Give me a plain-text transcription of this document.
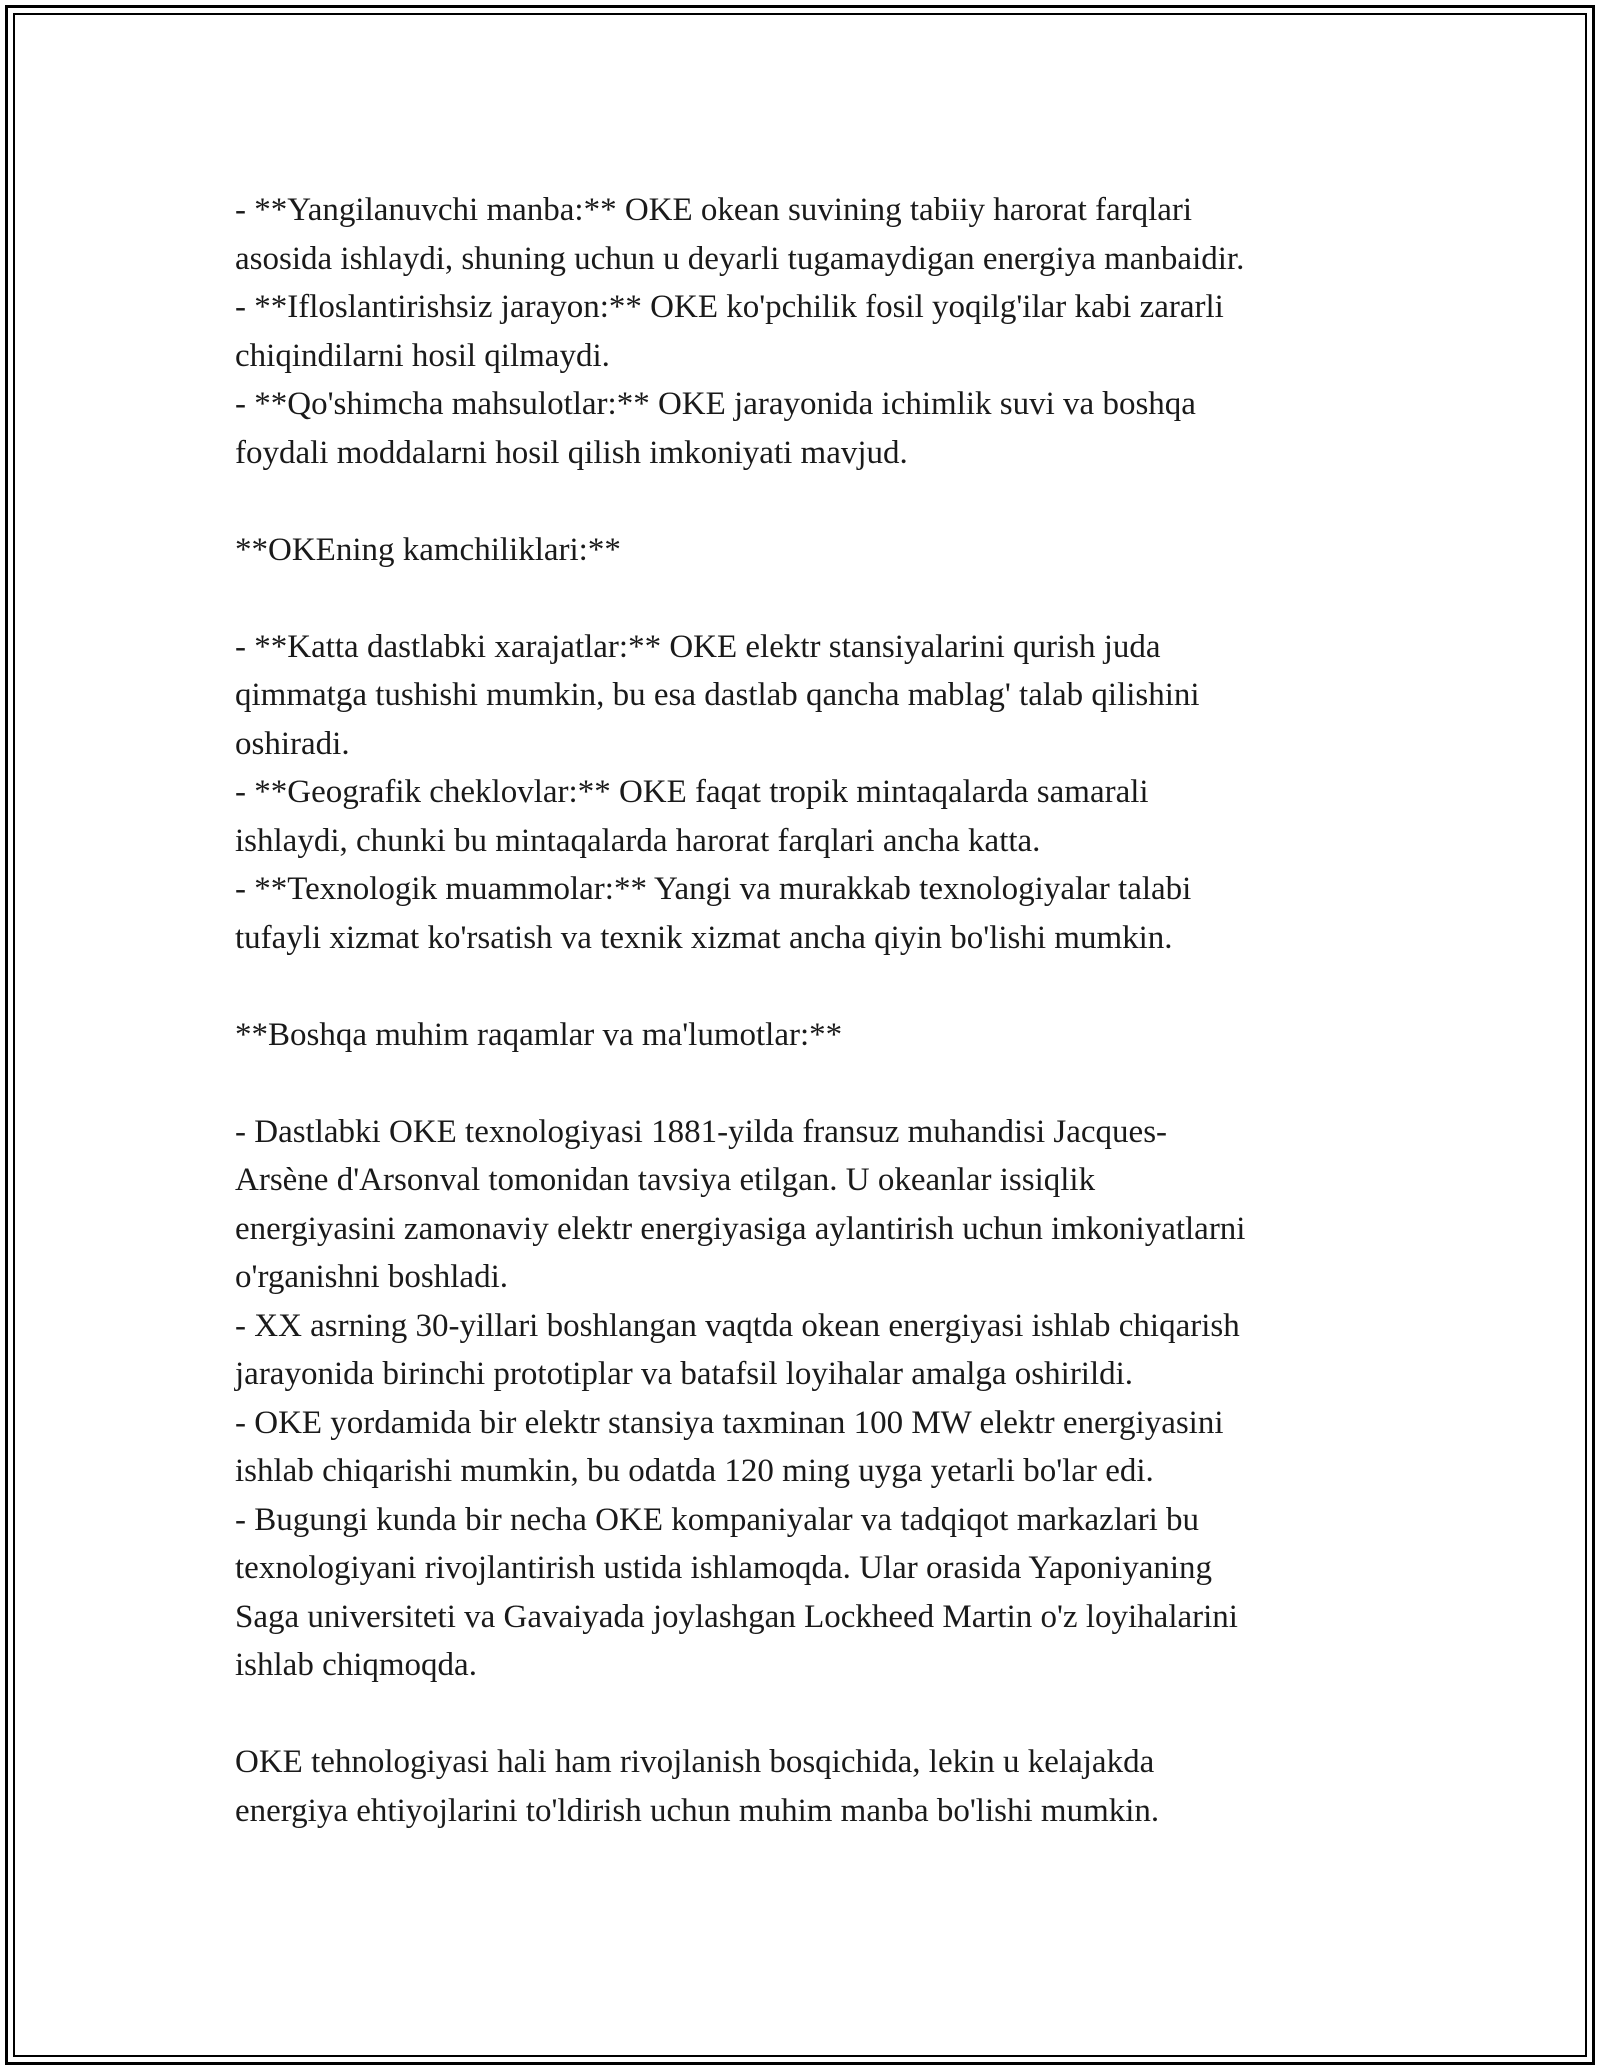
- **Yangilanuvchi manba:** OKE okean suvining tabiiy harorat farqlari

asosida ishlaydi, shuning uchun u deyarli tugamaydigan energiya manbaidir.

- **Ifloslantirishsiz jarayon:** OKE ko'pchilik fosil yoqilg'ilar kabi zararli

chiqindilarni hosil qilmaydi.

- **Qo'shimcha mahsulotlar:** OKE jarayonida ichimlik suvi va boshqa

foydali moddalarni hosil qilish imkoniyati mavjud.

**OKEning kamchiliklari:**

- **Katta dastlabki xarajatlar:** OKE elektr stansiyalarini qurish juda

qimmatga tushishi mumkin, bu esa dastlab qancha mablag' talab qilishini

oshiradi.

- **Geografik cheklovlar:** OKE faqat tropik mintaqalarda samarali

ishlaydi, chunki bu mintaqalarda harorat farqlari ancha katta.

- **Texnologik muammolar:** Yangi va murakkab texnologiyalar talabi

tufayli xizmat ko'rsatish va texnik xizmat ancha qiyin bo'lishi mumkin.

**Boshqa muhim raqamlar va ma'lumotlar:**

- Dastlabki OKE texnologiyasi 1881-yilda fransuz muhandisi Jacques-

Arsène d'Arsonval tomonidan tavsiya etilgan. U okeanlar issiqlik

energiyasini zamonaviy elektr energiyasiga aylantirish uchun imkoniyatlarni

o'rganishni boshladi.

- XX asrning 30-yillari boshlangan vaqtda okean energiyasi ishlab chiqarish

jarayonida birinchi prototiplar va batafsil loyihalar amalga oshirildi.

- OKE yordamida bir elektr stansiya taxminan 100 MW elektr energiyasini

ishlab chiqarishi mumkin, bu odatda 120 ming uyga yetarli bo'lar edi.

- Bugungi kunda bir necha OKE kompaniyalar va tadqiqot markazlari bu

texnologiyani rivojlantirish ustida ishlamoqda. Ular orasida Yaponiyaning

Saga universiteti va Gavaiyada joylashgan Lockheed Martin o'z loyihalarini

ishlab chiqmoqda.

OKE tehnologiyasi hali ham rivojlanish bosqichida, lekin u kelajakda

energiya ehtiyojlarini to'ldirish uchun muhim manba bo'lishi mumkin.
